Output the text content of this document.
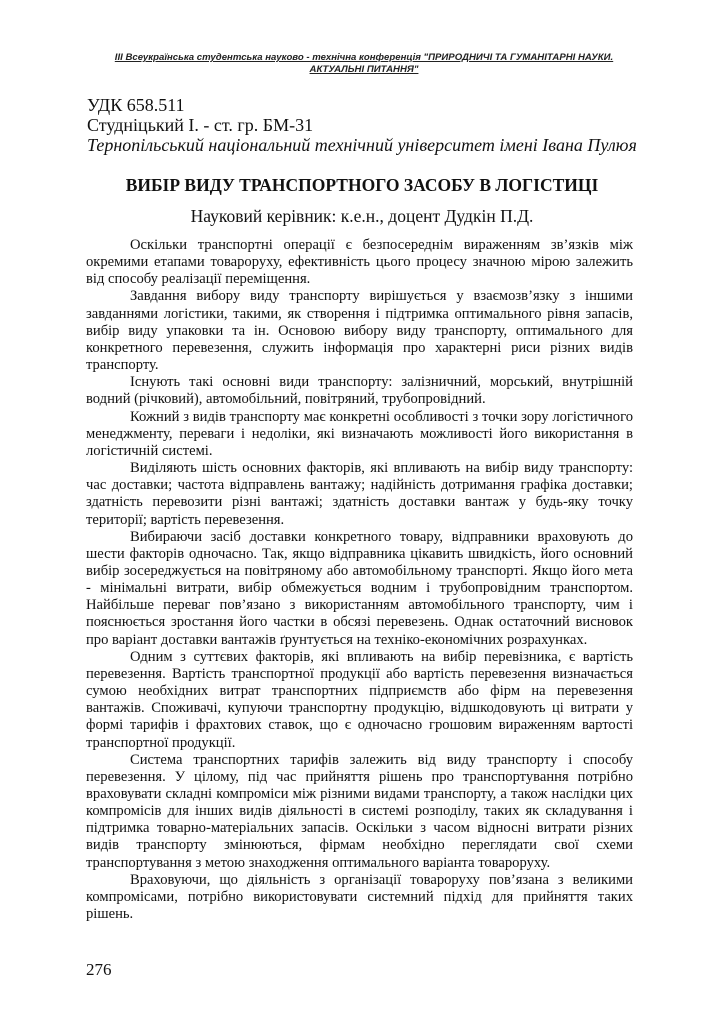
III Всеукраїнська студентська науково - технічна конференція "ПРИРОДНИЧІ ТА ГУМАНІТАРНІ НАУКИ. АКТУАЛЬНІ ПИТАННЯ"
УДК 658.511
Студніцький І. - ст. гр. БМ-31
Тернопільський національний технічний університет імені Івана Пулюя
ВИБІР ВИДУ ТРАНСПОРТНОГО ЗАСОБУ В ЛОГІСТИЦІ
Науковий керівник: к.е.н., доцент Дудкін П.Д.

Оскільки транспортні операції є безпосереднім вираженням зв’язків між окремими етапами товароруху, ефективність цього процесу значною мірою залежить від способу реалізації переміщення.

Завдання вибору виду транспорту вирішується у взаємозв’язку з іншими завданнями логістики, такими, як створення і підтримка оптимального рівня запасів, вибір виду упаковки та ін. Основою вибору виду транспорту, оптимального для конкретного перевезення, служить інформація про характерні риси різних видів транспорту.

Існують такі основні види транспорту: залізничний, морський, внутрішній водний (річковий), автомобільний, повітряний, трубопровідний.

Кожний з видів транспорту має конкретні особливості з точки зору логістичного менеджменту, переваги і недоліки, які визначають можливості його використання в логістичній системі.

Виділяють шість основних факторів, які впливають на вибір виду транспорту: час доставки; частота відправлень вантажу; надійність дотримання графіка доставки; здатність перевозити різні вантажі; здатність доставки вантаж у будь-яку точку території; вартість перевезення.

Вибираючи засіб доставки конкретного товару, відправники враховують до шести факторів одночасно. Так, якщо відправника цікавить швидкість, його основний вибір зосереджується на повітряному або автомобільному транспорті. Якщо його мета - мінімальні витрати, вибір обмежується водним і трубопровідним транспортом. Найбільше переваг пов’язано з використанням автомобільного транспорту, чим і пояснюється зростання його частки в обсязі перевезень. Однак остаточний висновок про варіант доставки вантажів ґрунтується на техніко-економічних розрахунках.

Одним з суттєвих факторів, які впливають на вибір перевізника, є вартість перевезення. Вартість транспортної продукції або вартість перевезення визначається сумою необхідних витрат транспортних підприємств або фірм на перевезення вантажів. Споживачі, купуючи транспортну продукцію, відшкодовують ці витрати у формі тарифів і фрахтових ставок, що є одночасно грошовим вираженням вартості транспортної продукції.

Система транспортних тарифів залежить від виду транспорту і способу перевезення. У цілому, під час прийняття рішень про транспортування потрібно враховувати складні компроміси між різними видами транспорту, а також наслідки цих компромісів для інших видів діяльності в системі розподілу, таких як складування і підтримка товарно-матеріальних запасів. Оскільки з часом відносні витрати різних видів транспорту змінюються, фірмам необхідно переглядати свої схеми транспортування з метою знаходження оптимального варіанта товароруху.

Враховуючи, що діяльність з організації товароруху пов’язана з великими компромісами, потрібно використовувати системний підхід для прийняття таких рішень.

276
